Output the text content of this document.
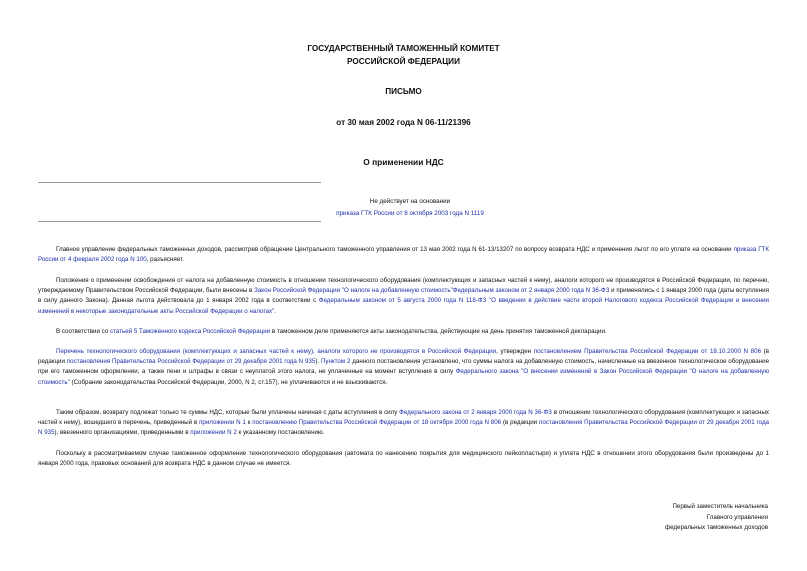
ГОСУДАРСТВЕННЫЙ ТАМОЖЕННЫЙ КОМИТЕТ
РОССИЙСКОЙ ФЕДЕРАЦИИ
ПИСЬМО
от 30 мая 2002 года N 06-11/21396
О применении НДС
Не действует на основании
приказа ГТК России от 8 октября 2003 года N 1119

Главное управление федеральных таможенных доходов, рассмотрев обращение Центрального таможенного управления от 13 мая 2002 года N 61-13/13207 по вопросу возврата НДС и применения льгот по его уплате на основании приказа ГТК России от 4 февраля 2002 года N 100, разъясняет.

Положения о применении освобождения от налога на добавленную стоимость в отношении технологического оборудования (комплектующих и запасных частей к нему), аналоги которого не производятся в Российской Федерации, по перечню, утверждаемому Правительством Российской Федерации, были внесены в Закон Российской Федерации "О налоге на добавленную стоимость"Федеральным законом от 2 января 2000 года N 36-ФЗ и применялись с 1 января 2000 года (даты вступления в силу данного Закона). Данная льгота действовала до 1 января 2002 года в соответствии с Федеральным законом от 5 августа 2000 года N 118-ФЗ "О введении в действие части второй Налогового кодекса Российской Федерации и внесении изменений в некоторые законодательные акты Российской Федерации о налогах".

В соответствии со статьей 5 Таможенного кодекса Российской Федерации в таможенном деле применяются акты законодательства, действующие на день принятия таможенной декларации.

Перечень технологического оборудования (комплектующих и запасных частей к нему), аналоги которого не производятся в Российской Федерации, утвержден постановлением Правительства Российской Федерации от 18.10.2000 N 806 (в редакции постановления Правительства Российской Федерации от 29 декабря 2001 года N 935). Пунктом 2 данного постановления установлено, что суммы налога на добавленную стоимость, начисленные на ввезенное технологическое оборудование при его таможенном оформлении, а также пени и штрафы в связи с неуплатой этого налога, не уплаченные на момент вступления в силу Федерального закона "О внесении изменений в Закон Российской Федерации "О налоге на добавленную стоимость" (Собрание законодательства Российской Федерации, 2000, N 2, ст.157), не уплачиваются и не взыскиваются.

Таким образом, возврату подлежат только те суммы НДС, которые были уплачены начиная с даты вступления в силу Федерального закона от 2 января 2000 года N 36-ФЗ в отношении технологического оборудования (комплектующих и запасных частей к нему), вошедшего в перечень, приведенный в приложении N 1 к постановлению Правительства Российской Федерации от 18 октября 2000 года N 806 (в редакции постановления Правительства Российской Федерации от 29 декабря 2001 года N 935), ввезенного организациями, приведенными в приложении N 2 к указанному постановлению.

Поскольку в рассматриваемом случае таможенное оформление технологического оборудования (автомата по нанесению покрытия для медицинского лейкопластыря) и уплата НДС в отношении этого оборудования были произведены до 1 января 2000 года, правовых оснований для возврата НДС в данном случае не имеется.

Первый заместитель начальника
Главного управления
федеральных таможенных доходов
